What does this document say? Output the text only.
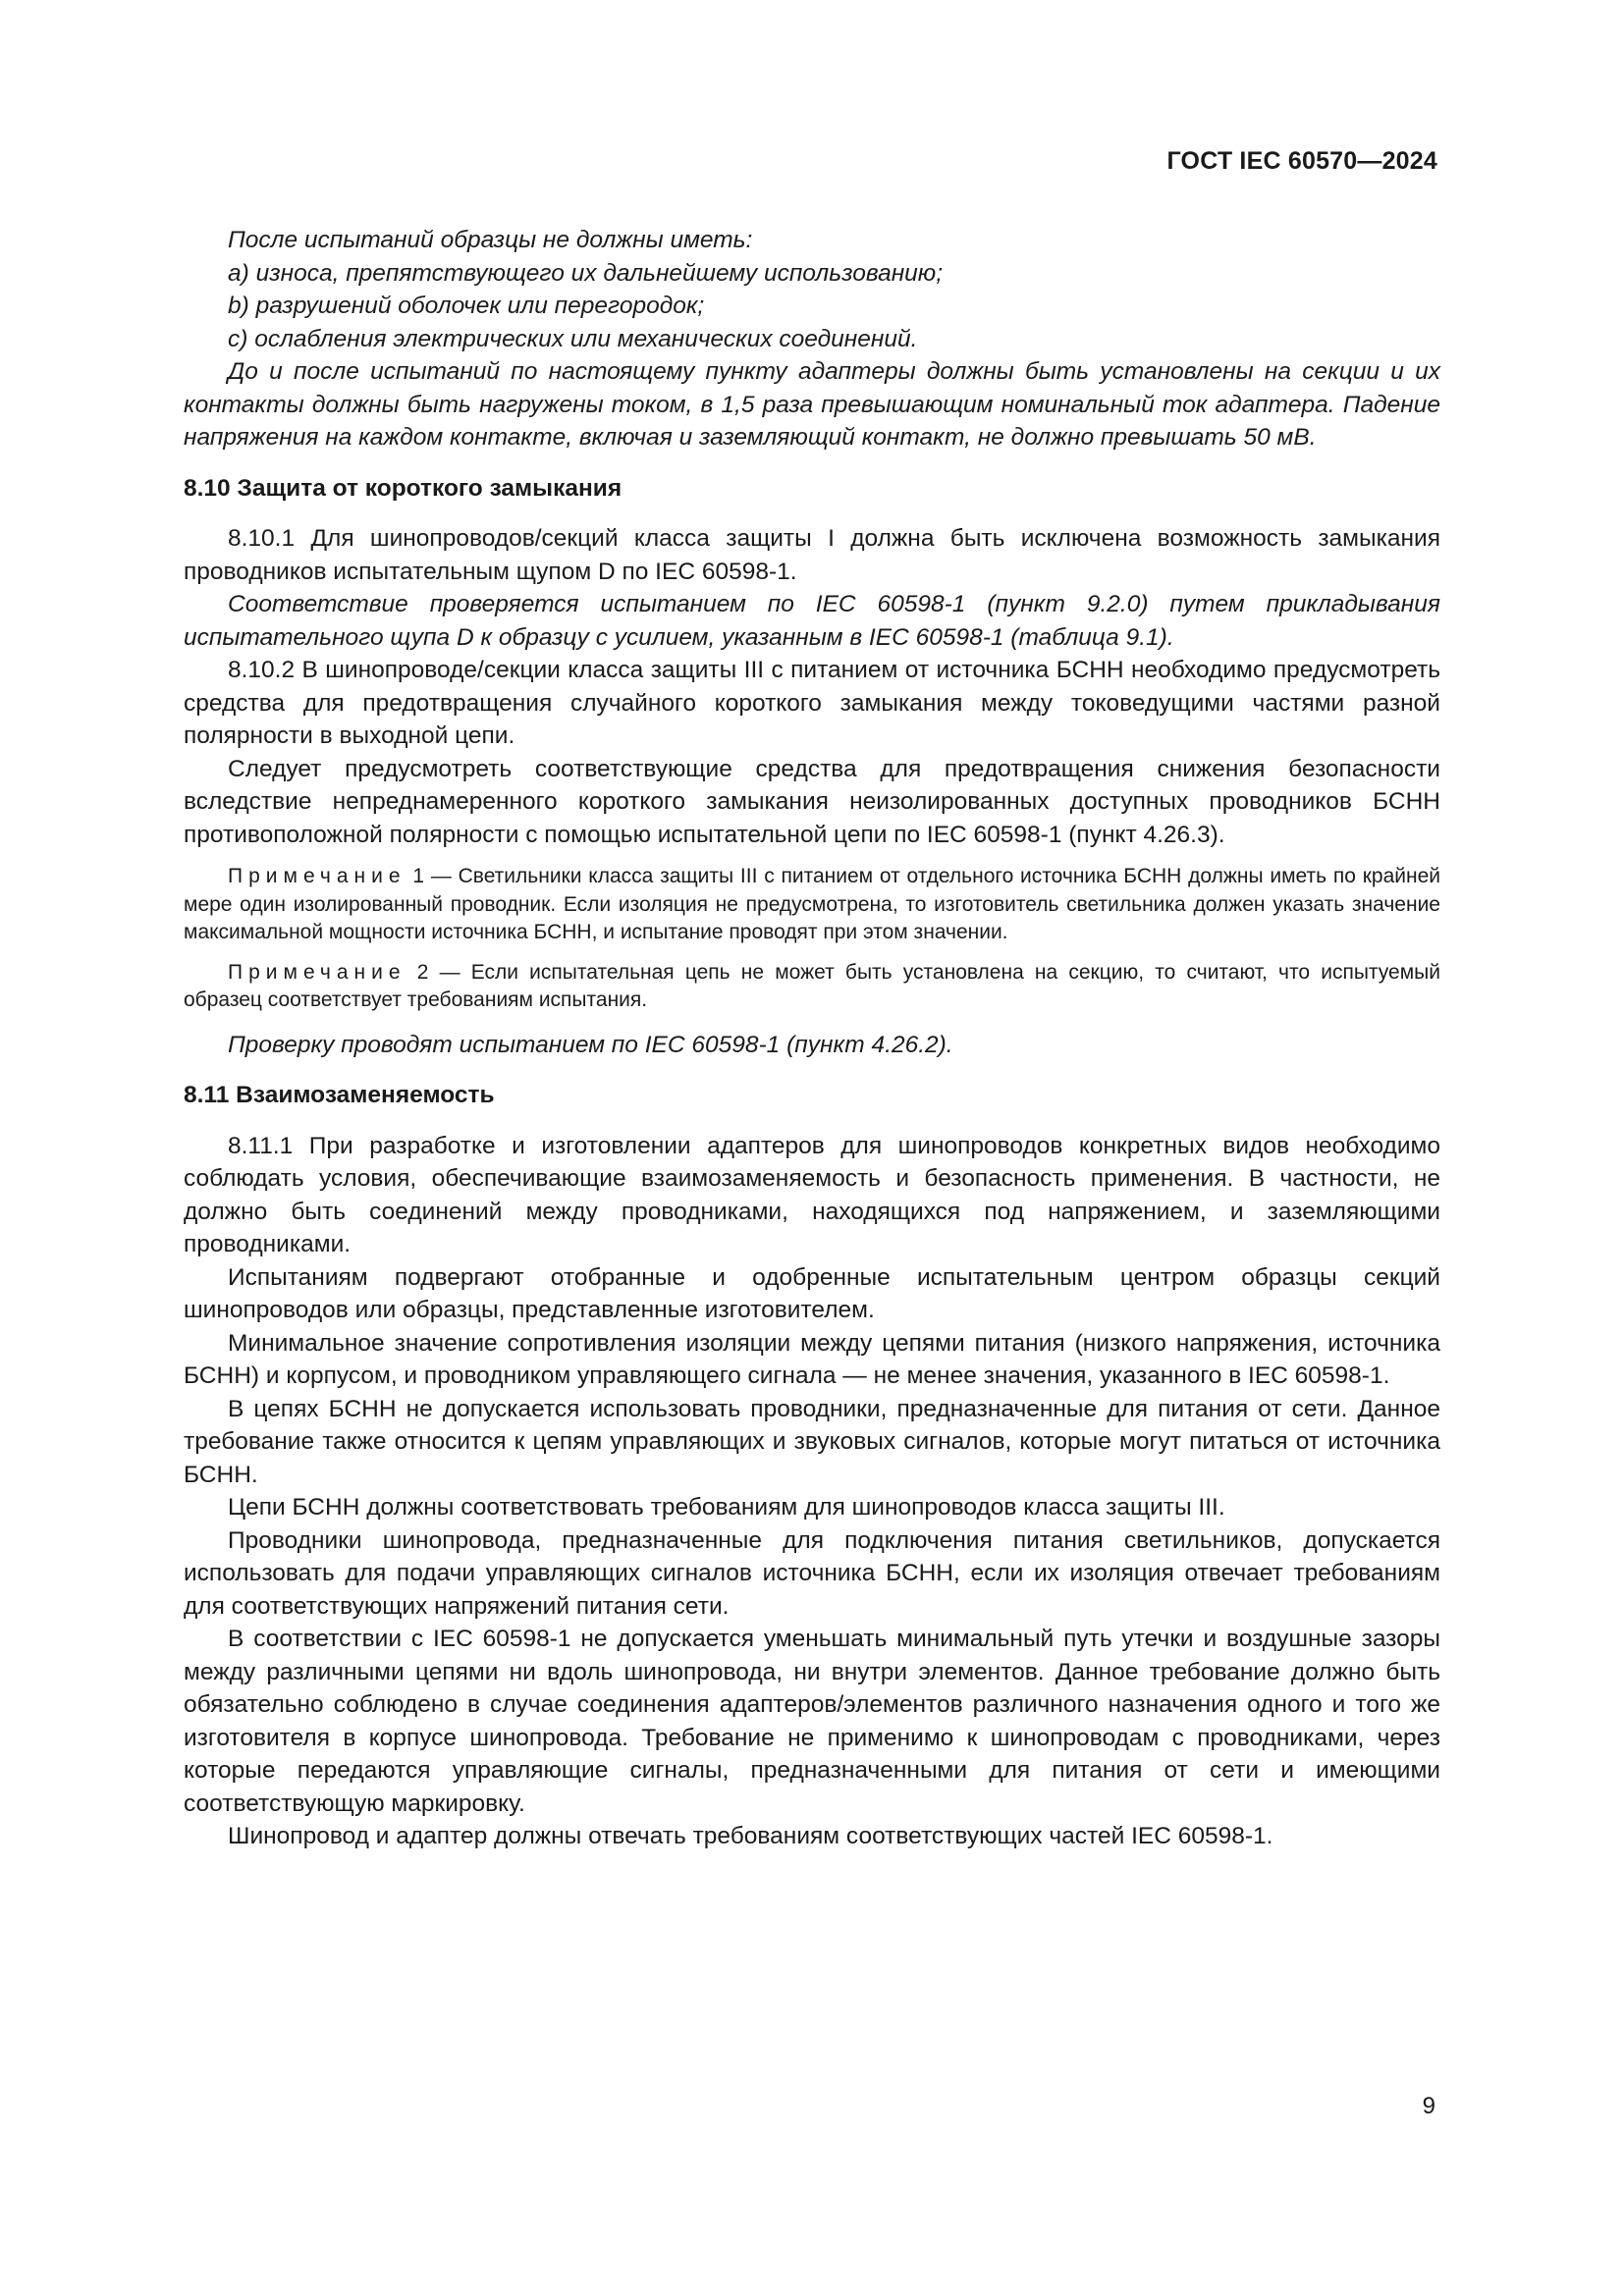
ГОСТ IEC 60570—2024

После испытаний образцы не должны иметь:

a) износа, препятствующего их дальнейшему использованию;

b) разрушений оболочек или перегородок;

c) ослабления электрических или механических соединений.

До и после испытаний по настоящему пункту адаптеры должны быть установлены на секции и их контакты должны быть нагружены током, в 1,5 раза превышающим номинальный ток адаптера. Падение напряжения на каждом контакте, включая и заземляющий контакт, не должно превышать 50 мВ.

8.10 Защита от короткого замыкания

8.10.1 Для шинопроводов/секций класса защиты I должна быть исключена возможность замыкания проводников испытательным щупом D по IEC 60598-1.

Соответствие проверяется испытанием по IEC 60598-1 (пункт 9.2.0) путем прикладывания испытательного щупа D к образцу с усилием, указанным в IEC 60598-1 (таблица 9.1).

8.10.2 В шинопроводе/секции класса защиты III с питанием от источника БСНН необходимо предусмотреть средства для предотвращения случайного короткого замыкания между токоведущими частями разной полярности в выходной цепи.

Следует предусмотреть соответствующие средства для предотвращения снижения безопасности вследствие непреднамеренного короткого замыкания неизолированных доступных проводников БСНН противоположной полярности с помощью испытательной цепи по IEC 60598-1 (пункт 4.26.3).

Примечание 1 — Светильники класса защиты III с питанием от отдельного источника БСНН должны иметь по крайней мере один изолированный проводник. Если изоляция не предусмотрена, то изготовитель светильника должен указать значение максимальной мощности источника БСНН, и испытание проводят при этом значении.

Примечание 2 — Если испытательная цепь не может быть установлена на секцию, то считают, что испытуемый образец соответствует требованиям испытания.

Проверку проводят испытанием по IEC 60598-1 (пункт 4.26.2).

8.11 Взаимозаменяемость

8.11.1 При разработке и изготовлении адаптеров для шинопроводов конкретных видов необходимо соблюдать условия, обеспечивающие взаимозаменяемость и безопасность применения. В частности, не должно быть соединений между проводниками, находящихся под напряжением, и заземляющими проводниками.

Испытаниям подвергают отобранные и одобренные испытательным центром образцы секций шинопроводов или образцы, представленные изготовителем.

Минимальное значение сопротивления изоляции между цепями питания (низкого напряжения, источника БСНН) и корпусом, и проводником управляющего сигнала — не менее значения, указанного в IEC 60598-1.

В цепях БСНН не допускается использовать проводники, предназначенные для питания от сети. Данное требование также относится к цепям управляющих и звуковых сигналов, которые могут питаться от источника БСНН.

Цепи БСНН должны соответствовать требованиям для шинопроводов класса защиты III.

Проводники шинопровода, предназначенные для подключения питания светильников, допускается использовать для подачи управляющих сигналов источника БСНН, если их изоляция отвечает требованиям для соответствующих напряжений питания сети.

В соответствии с IEC 60598-1 не допускается уменьшать минимальный путь утечки и воздушные зазоры между различными цепями ни вдоль шинопровода, ни внутри элементов. Данное требование должно быть обязательно соблюдено в случае соединения адаптеров/элементов различного назначения одного и того же изготовителя в корпусе шинопровода. Требование не применимо к шинопроводам с проводниками, через которые передаются управляющие сигналы, предназначенными для питания от сети и имеющими соответствующую маркировку.

Шинопровод и адаптер должны отвечать требованиям соответствующих частей IEC 60598-1.

9
